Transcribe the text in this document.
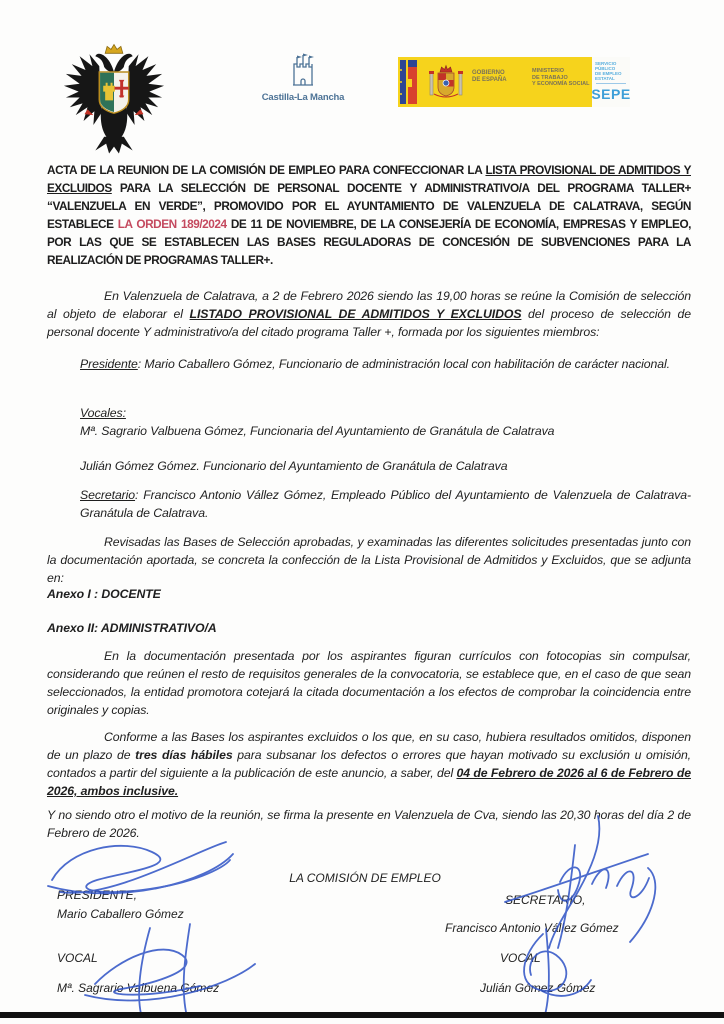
Castilla-La Mancha
GOBIERNO
DE ESPAÑA
MINISTERIO
DE TRABAJO
Y ECONOMÍA SOCIAL
SERVICIO PÚBLICO
DE EMPLEO ESTATAL
SEPE
ACTA DE LA REUNION DE LA COMISIÓN DE EMPLEO PARA CONFECCIONAR LA LISTA PROVISIONAL DE ADMITIDOS Y EXCLUIDOS PARA LA SELECCIÓN DE PERSONAL DOCENTE Y ADMINISTRATIVO/A DEL PROGRAMA TALLER+ “VALENZUELA EN VERDE”, PROMOVIDO POR EL AYUNTAMIENTO DE VALENZUELA DE CALATRAVA, SEGÚN ESTABLECE LA ORDEN 189/2024 DE 11 DE NOVIEMBRE, DE LA CONSEJERÍA DE ECONOMÍA, EMPRESAS Y EMPLEO, POR LAS QUE SE ESTABLECEN LAS BASES REGULADORAS DE CONCESIÓN DE SUBVENCIONES PARA LA REALIZACIÓN DE PROGRAMAS TALLER+.
En Valenzuela de Calatrava, a 2 de Febrero 2026 siendo las 19,00 horas se reúne la Comisión de selección al objeto de elaborar el LISTADO PROVISIONAL DE ADMITIDOS Y EXCLUIDOS del proceso de selección de personal docente Y administrativo/a del citado programa Taller +, formada por los siguientes miembros:
Presidente: Mario Caballero Gómez, Funcionario de administración local con habilitación de carácter nacional.
Vocales:
Mª. Sagrario Valbuena Gómez, Funcionaria del Ayuntamiento de Granátula de Calatrava
Julián Gómez Gómez. Funcionario del Ayuntamiento de Granátula de Calatrava
Secretario: Francisco Antonio Vállez Gómez, Empleado Público del Ayuntamiento de Valenzuela de Calatrava-Granátula de Calatrava.
Revisadas las Bases de Selección aprobadas, y examinadas las diferentes solicitudes presentadas junto con la documentación aportada, se concreta la confección de la Lista Provisional de Admitidos y Excluidos, que se adjunta en:
Anexo I : DOCENTE
Anexo II: ADMINISTRATIVO/A
En la documentación presentada por los aspirantes figuran currículos con fotocopias sin compulsar, considerando que reúnen el resto de requisitos generales de la convocatoria, se establece que, en el caso de que sean seleccionados, la entidad promotora cotejará la citada documentación a los efectos de comprobar la coincidencia entre originales y copias.
Conforme a las Bases los aspirantes excluidos o los que, en su caso, hubiera resultados omitidos, disponen de un plazo de tres días hábiles para subsanar los defectos o errores que hayan motivado su exclusión u omisión, contados a partir del siguiente a la publicación de este anuncio, a saber, del 04 de Febrero de 2026 al 6 de Febrero de 2026, ambos inclusive.
Y no siendo otro el motivo de la reunión, se firma la presente en Valenzuela de Cva, siendo las 20,30 horas del día 2 de Febrero de 2026.
LA COMISIÓN DE EMPLEO
PRESIDENTE,
Mario Caballero Gómez
SECRETARIO,
Francisco Antonio Vállez Gómez
VOCAL
Mª. Sagrario Valbuena Gómez
VOCAL
Julián Gómez Gómez
